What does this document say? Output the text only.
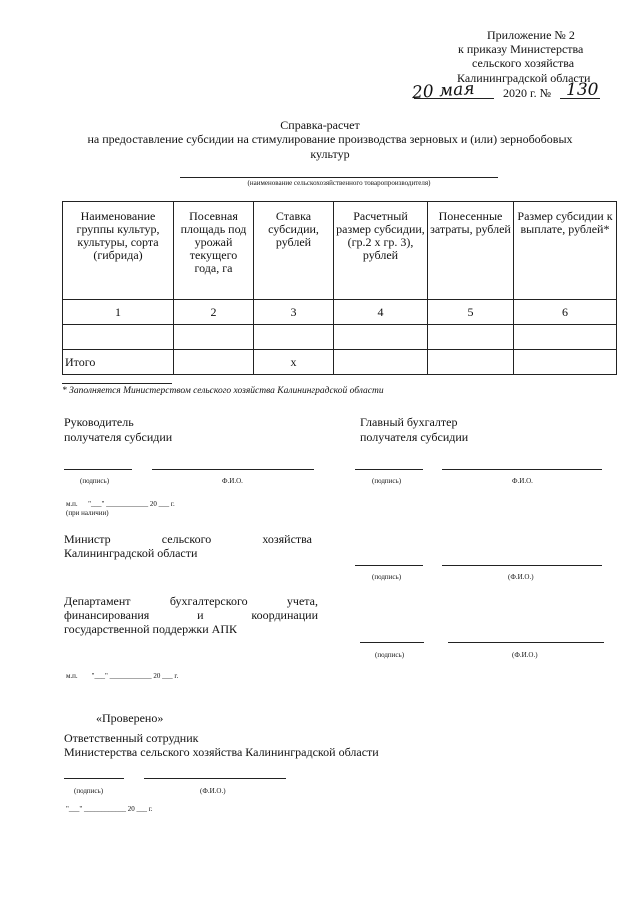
Приложение № 2
к приказу Министерства
сельского хозяйства
Калининградской области
20 мая 2020 г. № 130
Справка-расчет
на предоставление субсидии на стимулирование производства зерновых и (или) зернобобовых
культур
(наименование сельскохозяйственного товаропроизводителя)
Наименование группы культур, культуры, сорта (гибрида)	Посевная площадь под урожай текущего года, га	Ставка субсидии, рублей	Расчетный размер субсидии, (гр.2 х гр. 3), рублей	Понесенные затраты, рублей	Размер субсидии к выплате, рублей*
1	2	3	4	5	6

Итого		х			
* Заполняется Министерством сельского хозяйства Калининградской области
Руководитель
получателя субсидии
Главный бухгалтер
получателя субсидии
(подпись)	Ф.И.О.	(подпись)	Ф.И.О.
м.п.      "___" ____________ 20 ___ г.
(при наличии)
Министр	сельского	хозяйства
Калининградской области
(подпись)	(Ф.И.О.)
Департамент	бухгалтерского	учета,
финансирования	и	координации
государственной поддержки АПК
(подпись)	(Ф.И.О.)
м.п.        "___" ____________ 20 ___ г.
«Проверено»
Ответственный сотрудник
Министерства сельского хозяйства Калининградской области
(подпись)	(Ф.И.О.)
"___" ____________ 20 ___ г.
